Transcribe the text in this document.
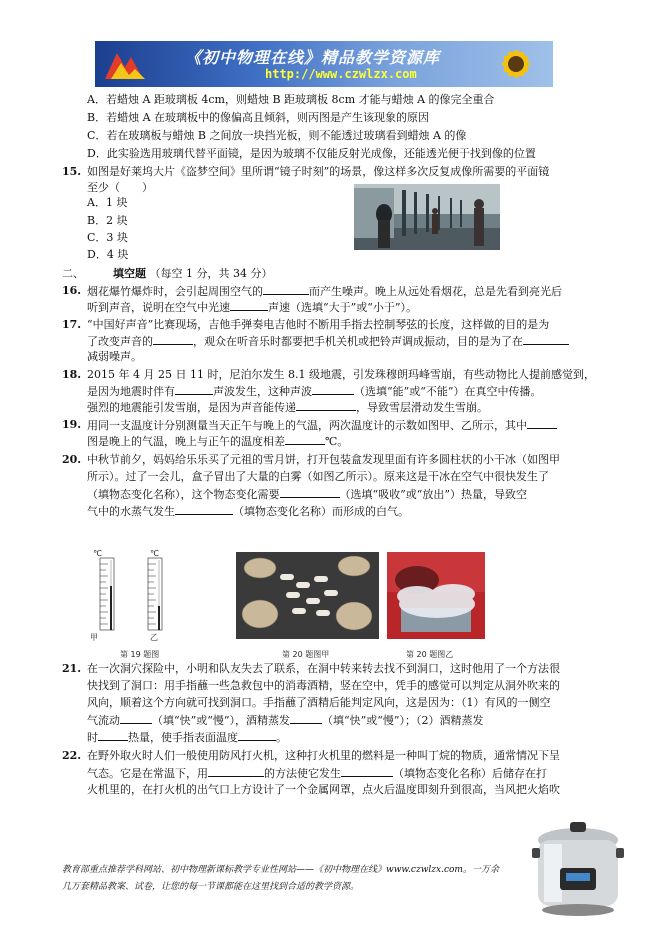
《初中物理在线》精品教学资源库
http://www.czwlzx.com
A．若蜡烛 A 距玻璃板 4cm，则蜡烛 B 距玻璃板 8cm 才能与蜡烛 A 的像完全重合
B．若蜡烛 A 在玻璃板中的像偏高且倾斜，则丙图是产生该现象的原因
C．若在玻璃板与蜡烛 B 之间放一块挡光板，则不能透过玻璃看到蜡烛 A 的像
D．此实验选用玻璃代替平面镜，是因为玻璃不仅能反射光成像，还能透光便于找到像的位置
15. 如图是好莱坞大片《盗梦空间》里所谓“镜子时刻”的场景，像这样多次反复成像所需要的平面镜
至少（　　）
A．1 块
B．2 块
C．3 块
D．4 块
二、	填空题 （每空 1 分，共 34 分）
16. 烟花爆竹爆炸时，会引起周围空气的	而产生噪声。晚上从远处看烟花，总是先看到亮光后
听到声音，说明在空气中光速	声速（选填“大于”或“小于”）。
17. “中国好声音”比赛现场，吉他手弹奏电吉他时不断用手指去控制琴弦的长度，这样做的目的是为
了改变声音的	，观众在听音乐时都要把手机关机或把铃声调成振动，目的是为了在
减弱噪声。
18. 2015 年 4 月 25 日 11 时，尼泊尔发生 8.1 级地震，引发珠穆朗玛峰雪崩，有些动物比人提前感觉到，
是因为地震时伴有	声波发生，这种声波	（选填“能”或“不能”）在真空中传播。
强烈的地震能引发雪崩，是因为声音能传递	，导致雪层滑动发生雪崩。
19. 用同一支温度计分别测量当天正午与晚上的气温，两次温度计的示数如图甲、乙所示，其中
图是晚上的气温，晚上与正午的温度相差	℃。
20. 中秋节前夕，妈妈给乐乐买了元祖的雪月饼，打开包装盒发现里面有许多圆柱状的小干冰（如图甲
所示）。过了一会儿，盒子冒出了大量的白雾（如图乙所示）。原来这是干冰在空气中很快发生了
（填物态变化名称），这个物态变化需要	（选填“吸收”或“放出”）热量，导致空
气中的水蒸气发生	（填物态变化名称）而形成的白气。
℃	℃
甲	乙
第 19 题图	第 20 题图甲	第 20 题图乙
21. 在一次洞穴探险中，小明和队友失去了联系，在洞中转来转去找不到洞口，这时他用了一个方法很
快找到了洞口：用手指蘸一些急救包中的消毒酒精，竖在空中，凭手的感觉可以判定从洞外吹来的
风向，顺着这个方向就可找到洞口。手指蘸了酒精后能判定风向，这是因为：（1）有风的一侧空
气流动	（填“快”或“慢”），酒精蒸发	（填“快”或“慢”）；（2）酒精蒸发
时	热量，使手指表面温度	。
22. 在野外取火时人们一般使用防风打火机，这种打火机里的燃料是一种叫丁烷的物质，通常情况下呈
气态。它是在常温下，用	的方法使它发生	（填物态变化名称）后储存在打
火机里的，在打火机的出气口上方设计了一个金属网罩，点火后温度即刻升到很高，当风把火焰吹
教育部重点推荐学科网站、初中物理新课标教学专业性网站——《初中物理在线》www.czwlzx.com。一万余
几万套精品教案、试卷，让您的每一节课都能在这里找到合适的教学资源。
